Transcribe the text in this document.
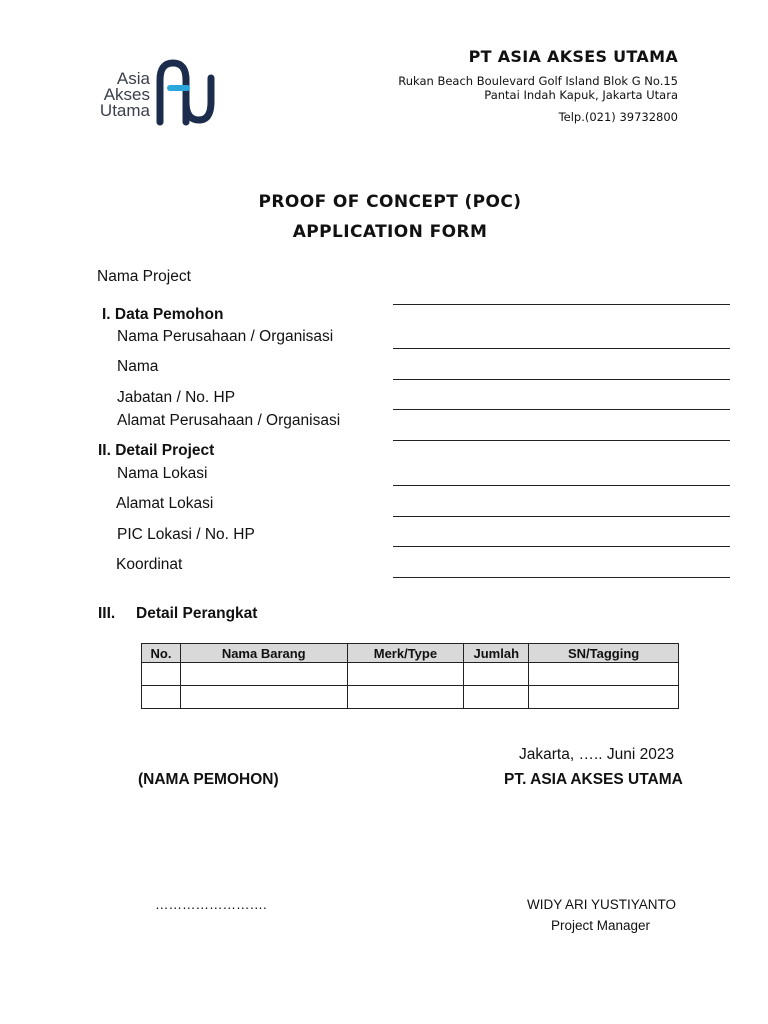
Asia
Akses
Utama
PT ASIA AKSES UTAMA
Rukan Beach Boulevard Golf Island Blok G No.15
Pantai Indah Kapuk, Jakarta Utara
Telp.(021) 39732800
PROOF OF CONCEPT (POC)
APPLICATION FORM
Nama Project
I. Data Pemohon
Nama Perusahaan / Organisasi
Nama
Jabatan / No. HP
Alamat Perusahaan / Organisasi
II. Detail Project
Nama Lokasi
Alamat Lokasi
PIC Lokasi / No. HP
Koordinat
III. Detail Perangkat
No.	Nama Barang	Merk/Type	Jumlah	SN/Tagging

Jakarta, ….. Juni 2023
(NAMA PEMOHON)	PT. ASIA AKSES UTAMA
…………………….	WIDY ARI YUSTIYANTO
Project Manager
